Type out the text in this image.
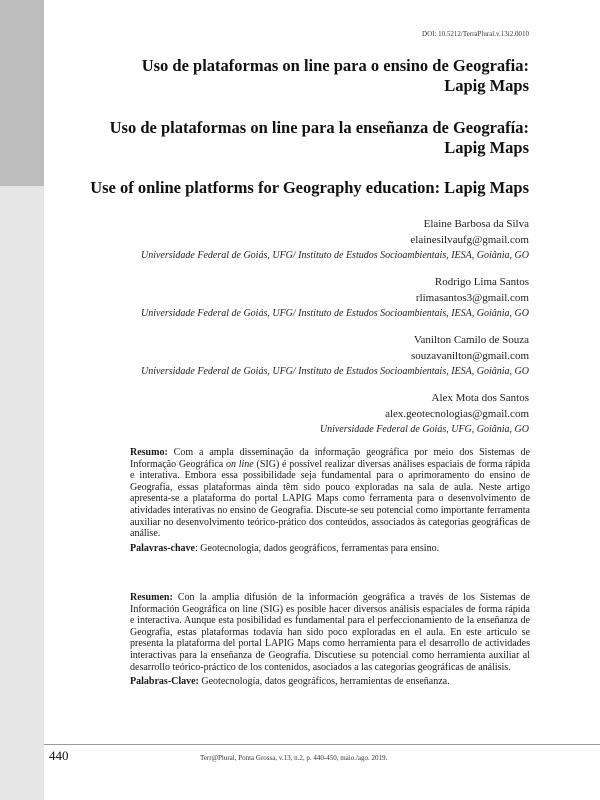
DOI: 10.5212/TerraPlural.v.13i2.0010
Uso de plataformas on line para o ensino de Geografia:
Lapig Maps
Uso de plataformas on line para la enseñanza de Geografía:
Lapig Maps
Use of online platforms for Geography education: Lapig Maps
Elaine Barbosa da Silva
elainesilvaufg@gmail.com
Universidade Federal de Goiás, UFG/ Instituto de Estudos Socioambientais, IESA, Goiânia, GO
Rodrigo Lima Santos
rlimasantos3@gmail.com
Universidade Federal de Goiás, UFG/ Instituto de Estudos Socioambientais, IESA, Goiânia, GO
Vanilton Camilo de Souza
souzavanilton@gmail.com
Universidade Federal de Goiás, UFG/ Instituto de Estudos Socioambientais, IESA, Goiânia, GO
Alex Mota dos Santos
alex.geotecnologias@gmail.com
Universidade Federal de Goiás, UFG, Goiânia, GO

Resumo: Com a ampla disseminação da informação geográfica por meio dos Sistemas de Informação Geográfica on line (SIG) é possível realizar diversas análises espaciais de forma rápida e interativa. Embora essa possibilidade seja fundamental para o aprimoramento do ensino de Geografia, essas plataformas ainda têm sido pouco exploradas na sala de aula. Neste artigo apresenta-se a plataforma do portal LAPIG Maps como ferramenta para o desenvolvimento de atividades interativas no ensino de Geografia. Discute-se seu potencial como importante ferramenta auxiliar no desenvolvimento teórico-prático dos conteúdos, associados às categorias geográficas de análise.

Palavras-chave: Geotecnologia, dados geográficos, ferramentas para ensino.

Resumen: Con la amplia difusión de la información geográfica a través de los Sistemas de Información Geográfica on line (SIG) es posible hacer diversos análisis espaciales de forma rápida e interactiva. Aunque esta posibilidad es fundamental para el perfeccionamiento de la enseñanza de Geografía, estas plataformas todavía han sido poco exploradas en el aula. En este artículo se presenta la plataforma del portal LAPIG Maps como herramienta para el desarrollo de actividades interactivas para la enseñanza de Geografía. Discutiese su potencial como herramienta auxiliar al desarrollo teórico-práctico de los contenidos, asociados a las categorías geográficas de análisis.

Palabras-Clave: Geotecnología, datos geográficos, herramientas de enseñanza.

440	Terr@Plural, Ponta Grossa, v.13, n.2, p. 440-450, maio./ago. 2019.
